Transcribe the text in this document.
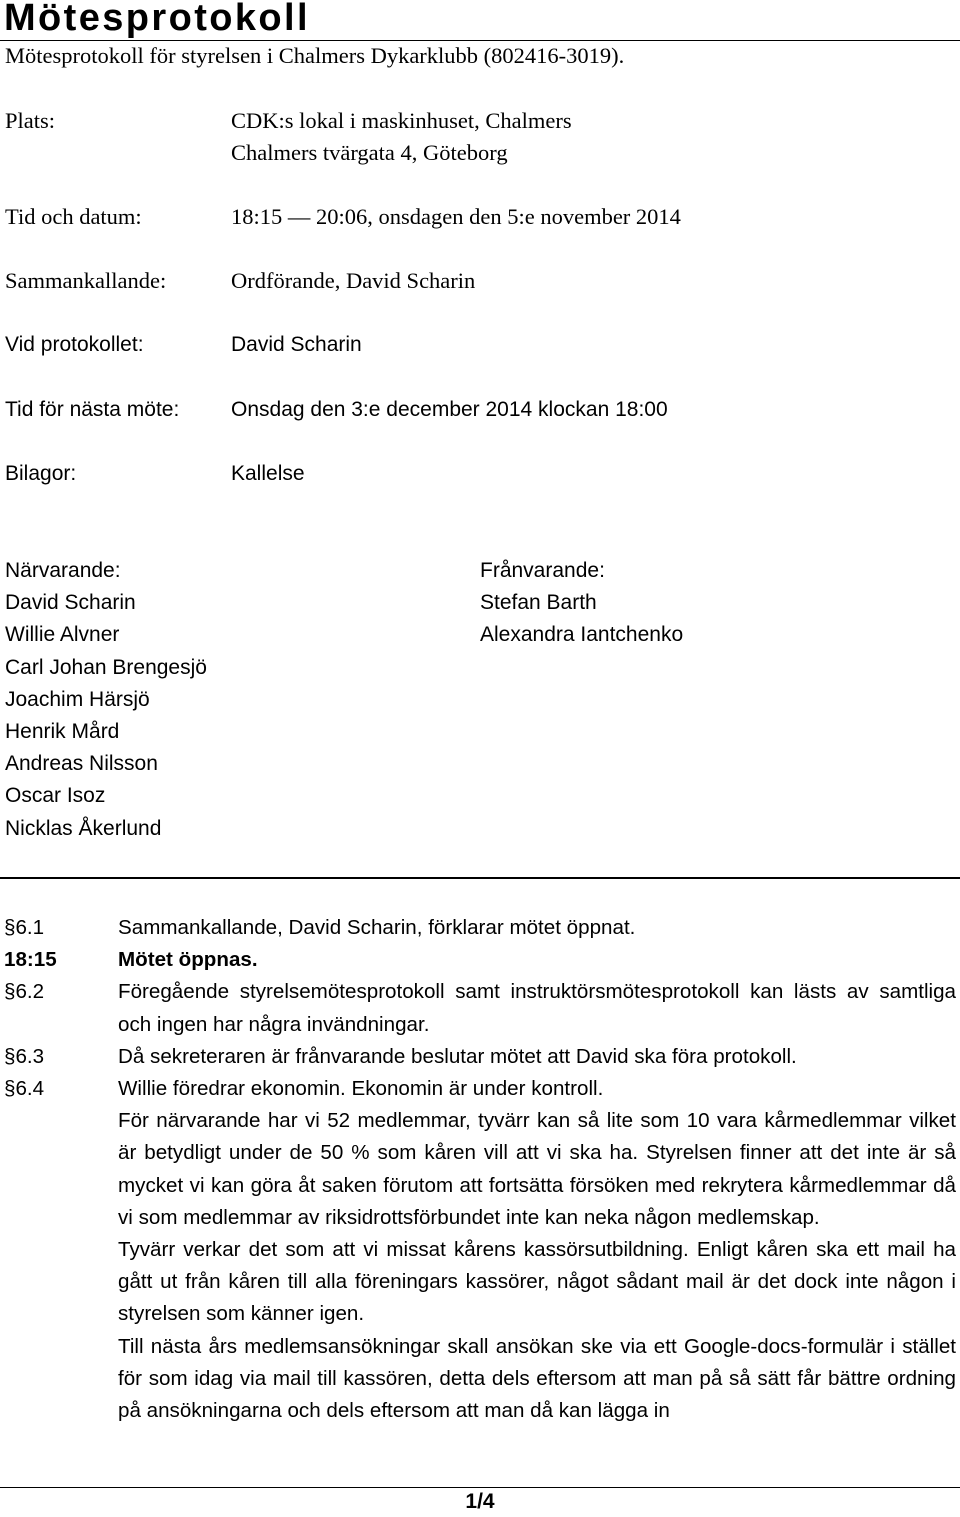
Mötesprotokoll
Mötesprotokoll för styrelsen i Chalmers Dykarklubb (802416-3019).
Plats:	CDK:s lokal i maskinhuset, Chalmers
Chalmers tvärgata 4, Göteborg
Tid och datum:	18:15 — 20:06, onsdagen den 5:e november 2014
Sammankallande:	Ordförande, David Scharin
Vid protokollet:	David Scharin
Tid för nästa möte: Onsdag den 3:e december 2014 klockan 18:00
Bilagor:	Kallelse
Närvarande:
David Scharin
Willie Alvner
Carl Johan Brengesjö
Joachim Härsjö
Henrik Mård
Andreas Nilsson
Oscar Isoz
Nicklas Åkerlund
Frånvarande:
Stefan Barth
Alexandra Iantchenko
§6.1	Sammankallande, David Scharin, förklarar mötet öppnat.

18:15	Mötet öppnas.

§6.2	Föregående styrelsemötesprotokoll samt instruktörsmötesprotokoll kan lästs av samtliga och ingen har några invändningar.

§6.3	Då sekreteraren är frånvarande beslutar mötet att David ska föra protokoll.

§6.4	Willie föredrar ekonomin. Ekonomin är under kontroll.

För närvarande har vi 52 medlemmar, tyvärr kan så lite som 10 vara kårmedlemmar vilket är betydligt under de 50 % som kåren vill att vi ska ha. Styrelsen finner att det inte är så mycket vi kan göra åt saken förutom att fortsätta försöken med rekrytera kårmedlemmar då vi som medlemmar av riksidrottsförbundet inte kan neka någon medlemskap.

Tyvärr verkar det som att vi missat kårens kassörsutbildning. Enligt kåren ska ett mail ha gått ut från kåren till alla föreningars kassörer, något sådant mail är det dock inte någon i styrelsen som känner igen.

Till nästa års medlemsansökningar skall ansökan ske via ett Google-docs-formulär i stället för som idag via mail till kassören, detta dels eftersom att man på så sätt får bättre ordning på ansökningarna och dels eftersom att man då kan lägga in

1/4
